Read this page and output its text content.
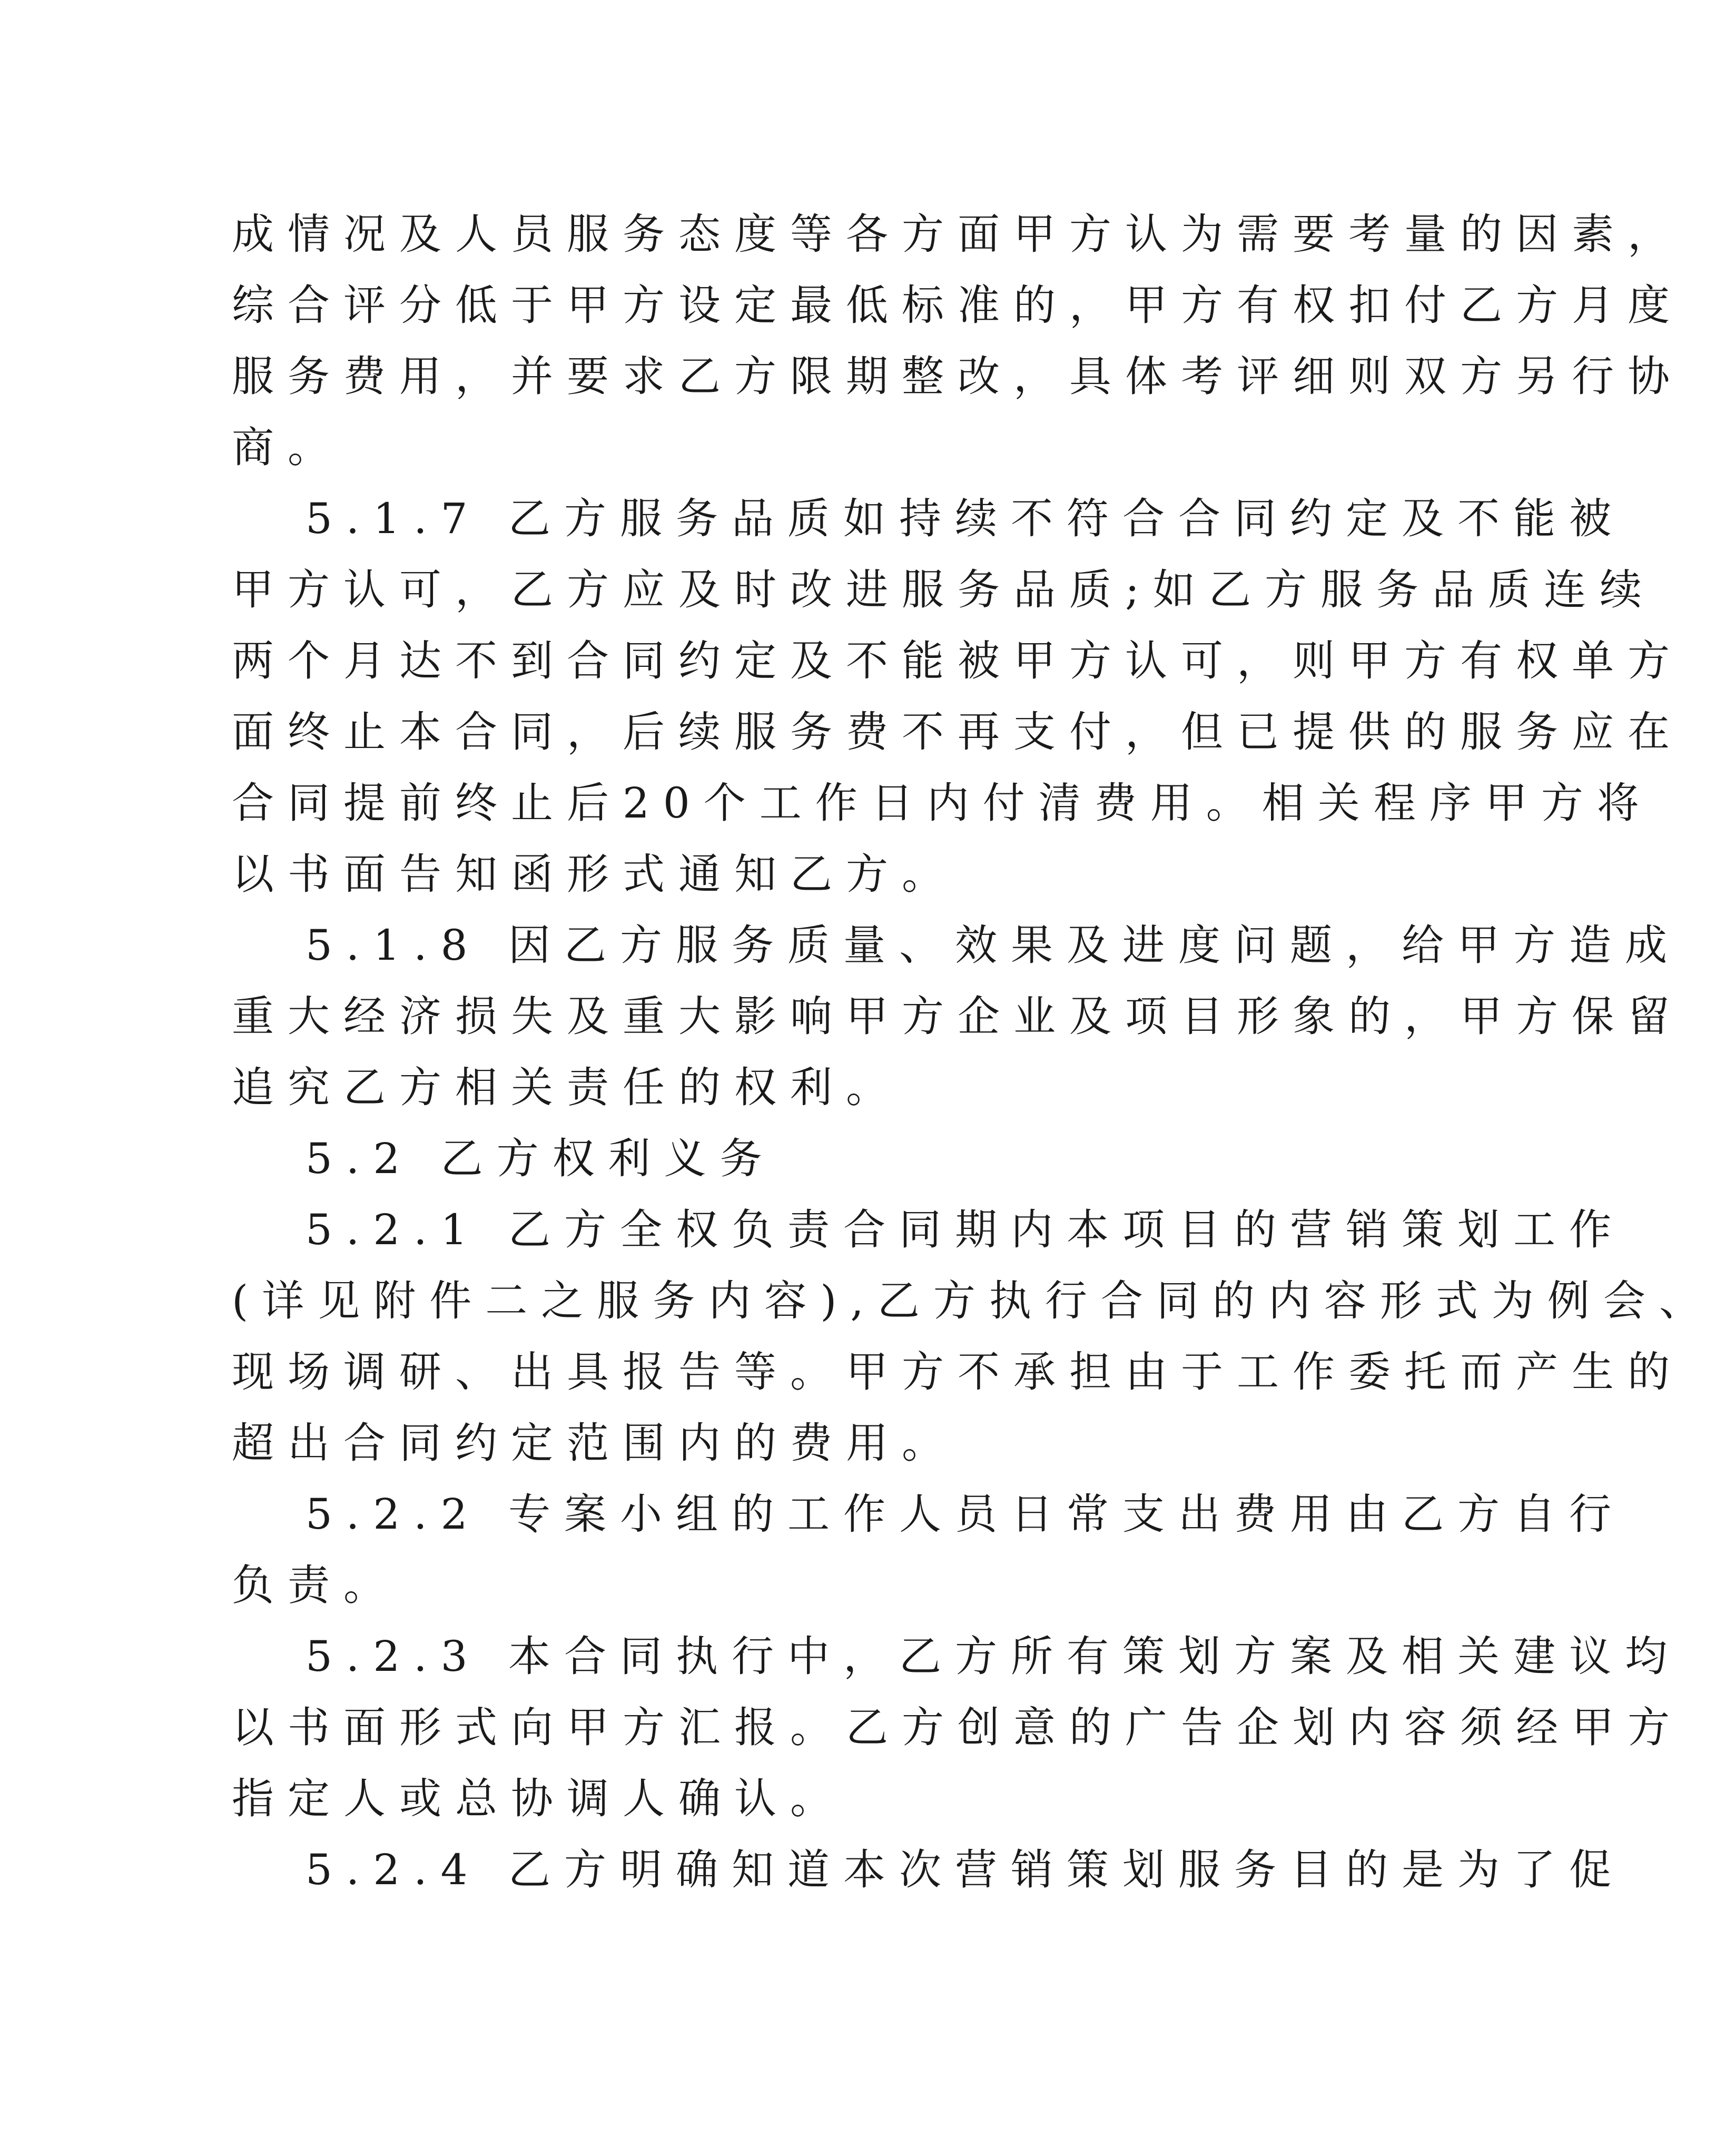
成情况及人员服务态度等各方面甲方认为需要考量的因素，
综合评分低于甲方设定最低标准的，甲方有权扣付乙方月度
服务费用，并要求乙方限期整改，具体考评细则双方另行协
商。
5.1.7 乙方服务品质如持续不符合合同约定及不能被
甲方认可，乙方应及时改进服务品质;如乙方服务品质连续
两个月达不到合同约定及不能被甲方认可，则甲方有权单方
面终止本合同，后续服务费不再支付，但已提供的服务应在
合同提前终止后20个工作日内付清费用。相关程序甲方将
以书面告知函形式通知乙方。
5.1.8 因乙方服务质量、效果及进度问题，给甲方造成
重大经济损失及重大影响甲方企业及项目形象的，甲方保留
追究乙方相关责任的权利。
5.2 乙方权利义务
5.2.1 乙方全权负责合同期内本项目的营销策划工作
(详见附件二之服务内容),乙方执行合同的内容形式为例会、
现场调研、出具报告等。甲方不承担由于工作委托而产生的
超出合同约定范围内的费用。
5.2.2 专案小组的工作人员日常支出费用由乙方自行
负责。
5.2.3 本合同执行中，乙方所有策划方案及相关建议均
以书面形式向甲方汇报。乙方创意的广告企划内容须经甲方
指定人或总协调人确认。
5.2.4 乙方明确知道本次营销策划服务目的是为了促
